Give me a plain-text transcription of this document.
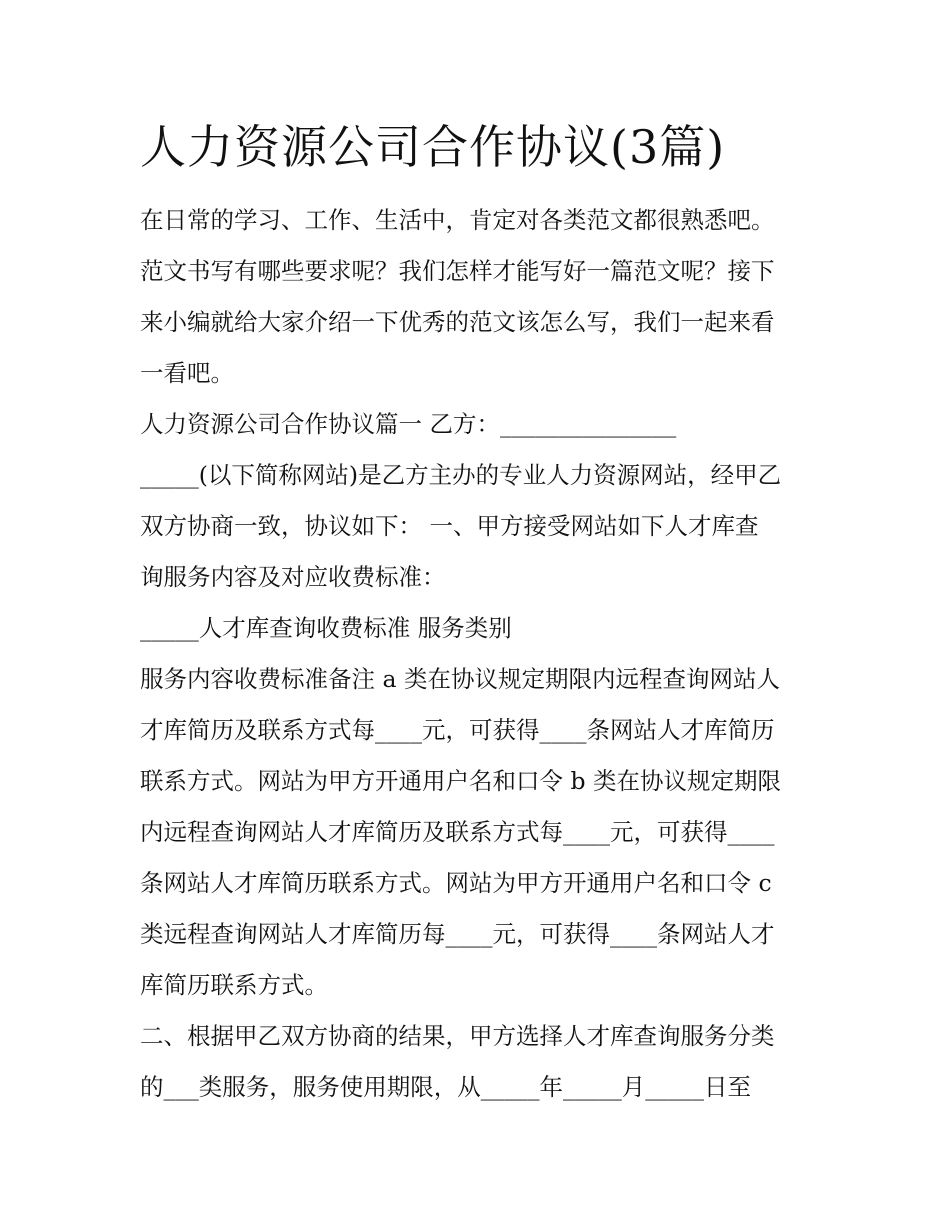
人力资源公司合作协议(3篇)

在日常的学习、工作、生活中，肯定对各类范文都很熟悉吧。

范文书写有哪些要求呢？我们怎样才能写好一篇范文呢？接下

来小编就给大家介绍一下优秀的范文该怎么写，我们一起来看

一看吧。

人力资源公司合作协议篇一 乙方：_______________

_____(以下简称网站)是乙方主办的专业人力资源网站，经甲乙

双方协商一致，协议如下： 一、甲方接受网站如下人才库查

询服务内容及对应收费标准：

_____人才库查询收费标准 服务类别

服务内容收费标准备注 a 类在协议规定期限内远程查询网站人

才库简历及联系方式每____元，可获得____条网站人才库简历

联系方式。网站为甲方开通用户名和口令 b 类在协议规定期限

内远程查询网站人才库简历及联系方式每____元，可获得____

条网站人才库简历联系方式。网站为甲方开通用户名和口令 c

类远程查询网站人才库简历每____元，可获得____条网站人才

库简历联系方式。

二、根据甲乙双方协商的结果，甲方选择人才库查询服务分类

的___类服务，服务使用期限，从_____年_____月_____日至
